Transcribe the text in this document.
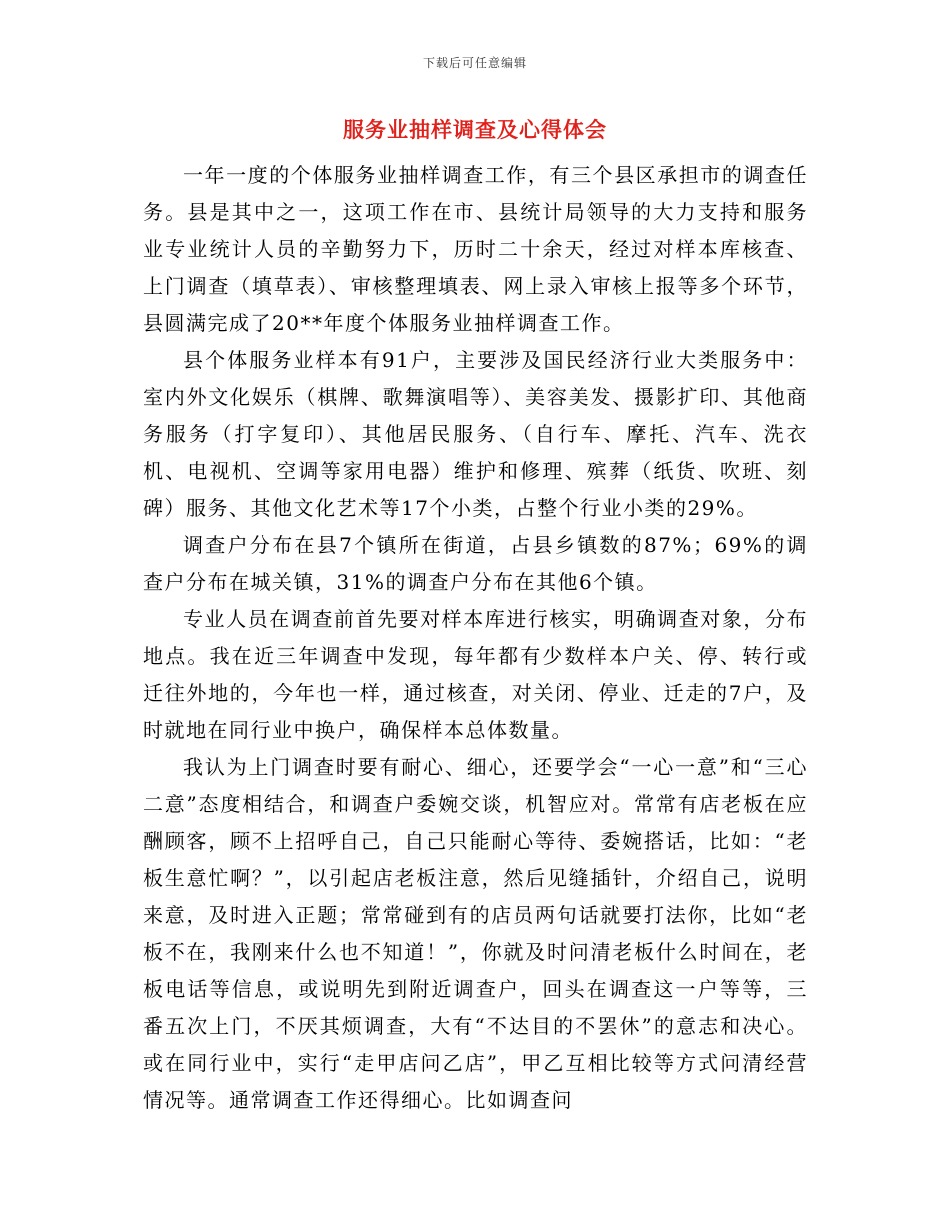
下载后可任意编辑
服务业抽样调查及心得体会

一年一度的个体服务业抽样调查工作，有三个县区承担市的调查任务。县是其中之一，这项工作在市、县统计局领导的大力支持和服务业专业统计人员的辛勤努力下，历时二十余天，经过对样本库核查、上门调查（填草表）、审核整理填表、网上录入审核上报等多个环节，县圆满完成了20**年度个体服务业抽样调查工作。

县个体服务业样本有91户，主要涉及国民经济行业大类服务中：室内外文化娱乐（棋牌、歌舞演唱等）、美容美发、摄影扩印、其他商务服务（打字复印）、其他居民服务、（自行车、摩托、汽车、洗衣机、电视机、空调等家用电器）维护和修理、殡葬（纸货、吹班、刻碑）服务、其他文化艺术等17个小类，占整个行业小类的29%。

调查户分布在县7个镇所在街道，占县乡镇数的87%；69%的调查户分布在城关镇，31%的调查户分布在其他6个镇。

专业人员在调查前首先要对样本库进行核实，明确调查对象，分布地点。我在近三年调查中发现，每年都有少数样本户关、停、转行或迁往外地的，今年也一样，通过核查，对关闭、停业、迁走的7户，及时就地在同行业中换户，确保样本总体数量。

我认为上门调查时要有耐心、细心，还要学会“一心一意”和“三心二意”态度相结合，和调查户委婉交谈，机智应对。常常有店老板在应酬顾客，顾不上招呼自己，自己只能耐心等待、委婉搭话，比如：“老板生意忙啊？”，以引起店老板注意，然后见缝插针，介绍自己，说明来意，及时进入正题；常常碰到有的店员两句话就要打法你，比如“老板不在，我刚来什么也不知道！”，你就及时问清老板什么时间在，老板电话等信息，或说明先到附近调查户，回头在调查这一户等等，三番五次上门，不厌其烦调查，大有“不达目的不罢休”的意志和决心。或在同行业中，实行“走甲店问乙店”，甲乙互相比较等方式问清经营情况等。通常调查工作还得细心。比如调查问
